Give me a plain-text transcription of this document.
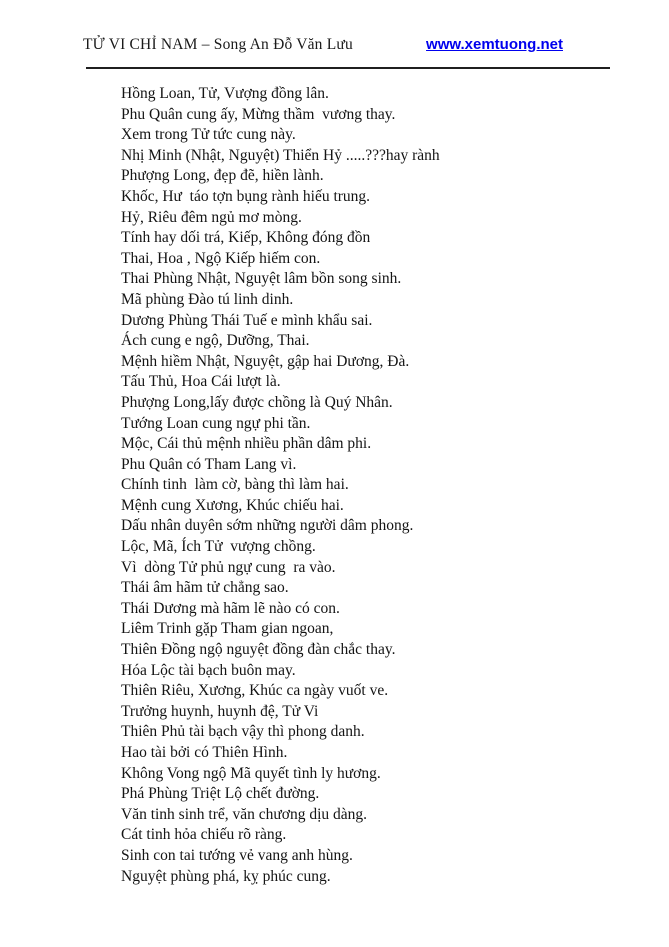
TỬ VI CHỈ NAM – Song An Đỗ Văn Lưu	www.xemtuong.net

Hồng Loan, Tử, Vượng đồng lân.

Phu Quân cung ấy, Mừng thầm  vương thay.

Xem trong Tử tức cung này.

Nhị Minh (Nhật, Nguyệt) Thiển Hỷ .....???hay rành

Phượng Long, đẹp đẽ, hiền lành.

Khốc, Hư  táo tợn bụng rành hiếu trung.

Hỷ, Riêu đêm ngủ mơ mòng.

Tính hay dối trá, Kiếp, Không đóng đồn

Thai, Hoa , Ngộ Kiếp hiếm con.

Thai Phùng Nhật, Nguyệt lâm bồn song sinh.

Mã phùng Đào tú linh dinh.

Dương Phùng Thái Tuế e mình khẩu sai.

Ách cung e ngộ, Dưỡng, Thai.

Mệnh hiềm Nhật, Nguyệt, gập hai Dương, Đà.

Tấu Thủ, Hoa Cái lượt là.

Phượng Long,lấy được chồng là Quý Nhân.

Tướng Loan cung ngự phi tần.

Mộc, Cái thủ mệnh nhiều phần dâm phi.

Phu Quân có Tham Lang vì.

Chính tinh  làm cờ, bàng thì làm hai.

Mệnh cung Xương, Khúc chiếu hai.

Dấu nhân duyên sớm những người dâm phong.

Lộc, Mã, Ích Tử  vượng chồng.

Vì  dòng Tử phủ ngự cung  ra vào.

Thái âm hãm tử chẳng sao.

Thái Dương mà hãm lẽ nào có con.

Liêm Trinh gặp Tham gian ngoan,

Thiên Đồng ngộ nguyệt đồng đàn chắc thay.

Hóa Lộc tài bạch buôn may.

Thiên Riêu, Xương, Khúc ca ngày vuốt ve.

Trưởng huynh, huynh đệ, Tử Vi

Thiên Phủ tài bạch vậy thì phong danh.

Hao tài bởi có Thiên Hình.

Không Vong ngộ Mã quyết tình ly hương.

Phá Phùng Triệt Lộ chết đường.

Văn tinh sinh trể, văn chương dịu dàng.

Cát tinh hỏa chiếu rõ ràng.

Sinh con tai tướng vẻ vang anh hùng.

Nguyệt phùng phá, kỵ phúc cung.
